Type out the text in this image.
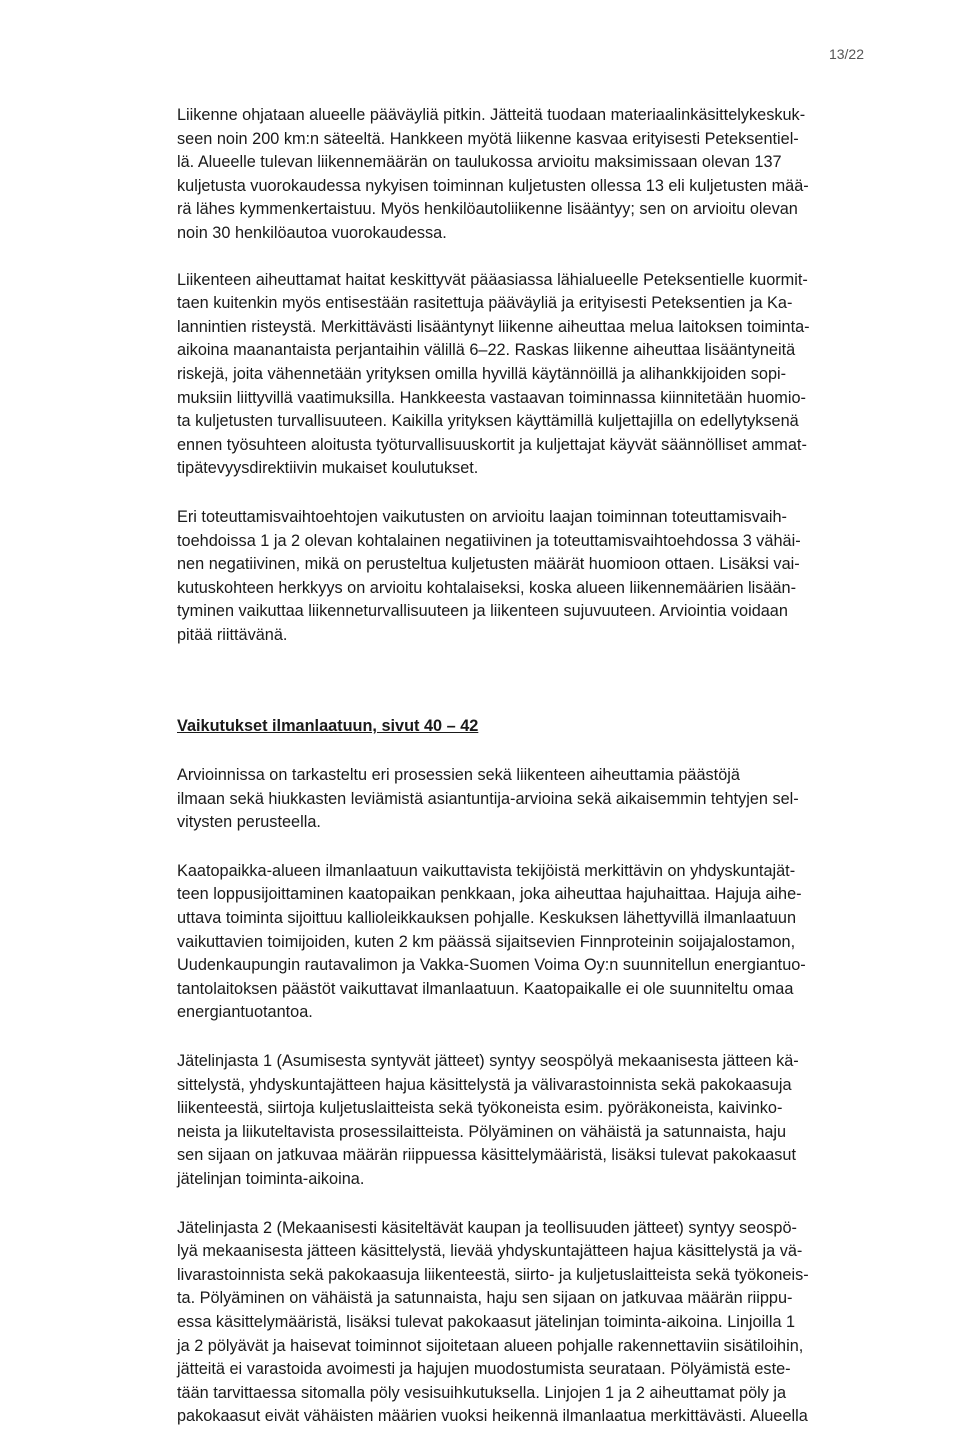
13/22

Liikenne ohjataan alueelle pääväyliä pitkin. Jätteitä tuodaan materiaalinkäsittelykeskuk-
seen noin 200 km:n säteeltä. Hankkeen myötä liikenne kasvaa erityisesti Peteksentiel-
lä. Alueelle tulevan liikennemäärän on taulukossa arvioitu maksimissaan olevan 137
kuljetusta vuorokaudessa nykyisen toiminnan kuljetusten ollessa 13 eli kuljetusten mää-
rä lähes kymmenkertaistuu. Myös henkilöautoliikenne lisääntyy; sen on arvioitu olevan
noin 30 henkilöautoa vuorokaudessa.

Liikenteen aiheuttamat haitat keskittyvät pääasiassa lähialueelle Peteksentielle kuormit-
taen kuitenkin myös entisestään rasitettuja pääväyliä ja erityisesti Peteksentien ja Ka-
lannintien risteystä. Merkittävästi lisääntynyt liikenne aiheuttaa melua laitoksen toiminta-
aikoina maanantaista perjantaihin välillä 6–22. Raskas liikenne aiheuttaa lisääntyneitä
riskejä, joita vähennetään yrityksen omilla hyvillä käytännöillä ja alihankkijoiden sopi-
muksiin liittyvillä vaatimuksilla. Hankkeesta vastaavan toiminnassa kiinnitetään huomio-
ta kuljetusten turvallisuuteen. Kaikilla yrityksen käyttämillä kuljettajilla on edellytyksenä
ennen työsuhteen aloitusta työturvallisuuskortit ja kuljettajat käyvät säännölliset ammat-
tipätevyysdirektiivin mukaiset koulutukset.

Eri toteuttamisvaihtoehtojen vaikutusten on arvioitu laajan toiminnan toteuttamisvaih-
toehdoissa 1 ja 2 olevan kohtalainen negatiivinen ja toteuttamisvaihtoehdossa 3 vähäi-
nen negatiivinen, mikä on perusteltua kuljetusten määrät huomioon ottaen. Lisäksi vai-
kutuskohteen herkkyys on arvioitu kohtalaiseksi, koska alueen liikennemäärien lisään-
tyminen vaikuttaa liikenneturvallisuuteen ja liikenteen sujuvuuteen. Arviointia voidaan
pitää riittävänä.

Vaikutukset ilmanlaatuun, sivut 40 – 42

Arvioinnissa on tarkasteltu eri prosessien sekä liikenteen aiheuttamia päästöjä
ilmaan sekä hiukkasten leviämistä asiantuntija-arvioina sekä aikaisemmin tehtyjen sel-
vitysten perusteella.

Kaatopaikka-alueen ilmanlaatuun vaikuttavista tekijöistä merkittävin on yhdyskuntajät-
teen loppusijoittaminen kaatopaikan penkkaan, joka aiheuttaa hajuhaittaa. Hajuja aihe-
uttava toiminta sijoittuu kallioleikkauksen pohjalle. Keskuksen lähettyvillä ilmanlaatuun
vaikuttavien toimijoiden, kuten 2 km päässä sijaitsevien Finnproteinin soijajalostamon,
Uudenkaupungin rautavalimon ja Vakka-Suomen Voima Oy:n suunnitellun energiantuo-
tantolaitoksen päästöt vaikuttavat ilmanlaatuun. Kaatopaikalle ei ole suunniteltu omaa
energiantuotantoa.

Jätelinjasta 1 (Asumisesta syntyvät jätteet) syntyy seospölyä mekaanisesta jätteen kä-
sittelystä, yhdyskuntajätteen hajua käsittelystä ja välivarastoinnista sekä pakokaasuja
liikenteestä, siirtoja kuljetuslaitteista sekä työkoneista esim. pyöräkoneista, kaivinko-
neista ja liikuteltavista prosessilaitteista. Pölyäminen on vähäistä ja satunnaista, haju
sen sijaan on jatkuvaa määrän riippuessa käsittelymääristä, lisäksi tulevat pakokaasut
jätelinjan toiminta-aikoina.

Jätelinjasta 2 (Mekaanisesti käsiteltävät kaupan ja teollisuuden jätteet) syntyy seospö-
lyä mekaanisesta jätteen käsittelystä, lievää yhdyskuntajätteen hajua käsittelystä ja vä-
livarastoinnista sekä pakokaasuja liikenteestä, siirto- ja kuljetuslaitteista sekä työkoneis-
ta. Pölyäminen on vähäistä ja satunnaista, haju sen sijaan on jatkuvaa määrän riippu-
essa käsittelymääristä, lisäksi tulevat pakokaasut jätelinjan toiminta-aikoina. Linjoilla 1
ja 2 pölyävät ja haisevat toiminnot sijoitetaan alueen pohjalle rakennettaviin sisätiloihin,
jätteitä ei varastoida avoimesti ja hajujen muodostumista seurataan. Pölyämistä este-
tään tarvittaessa sitomalla pöly vesisuihkutuksella. Linjojen 1 ja 2 aiheuttamat pöly ja
pakokaasut eivät vähäisten määrien vuoksi heikennä ilmanlaatua merkittävästi. Alueella
